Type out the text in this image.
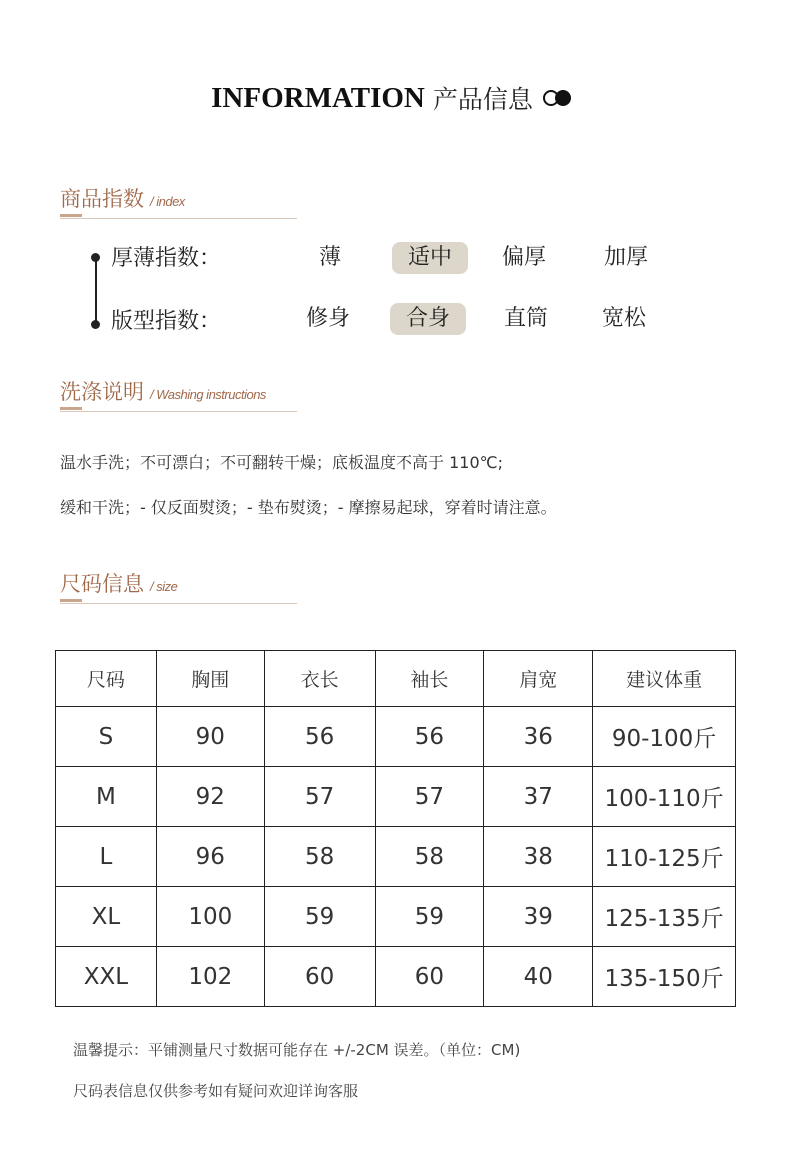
INFORMATION 产品信息
商品指数 / index
厚薄指数：	薄	适中	偏厚	加厚
版型指数：	修身	合身	直筒	宽松
洗涤说明 / Washing instructions
温水手洗；不可漂白；不可翻转干燥；底板温度不高于 110℃;
缓和干洗；- 仅反面熨烫；- 垫布熨烫；- 摩擦易起球，穿着时请注意。
尺码信息 / size
尺码	胸围	衣长	袖长	肩宽	建议体重
S	90	56	56	36	90-100斤
M	92	57	57	37	100-110斤
L	96	58	58	38	110-125斤
XL	100	59	59	39	125-135斤
XXL	102	60	60	40	135-150斤
温馨提示：平铺测量尺寸数据可能存在 +/-2CM 误差。（单位：CM)
尺码表信息仅供参考如有疑问欢迎详询客服
